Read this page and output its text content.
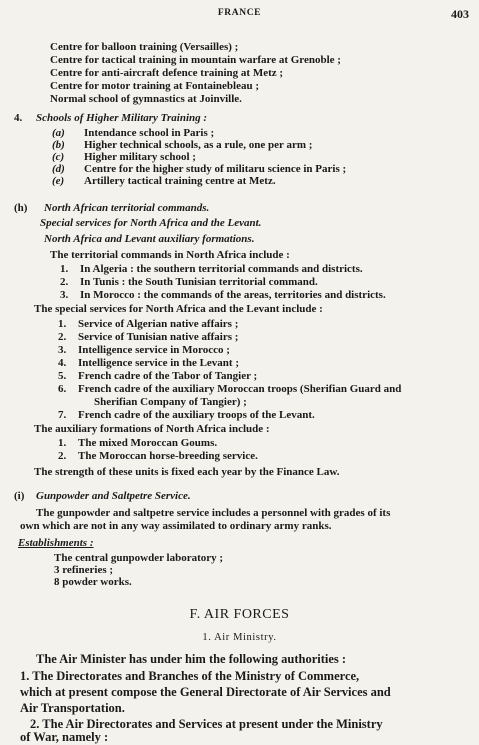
FRANCE	403
Centre for balloon training (Versailles) ;
Centre for tactical training in mountain warfare at Grenoble ;
Centre for anti-aircraft defence training at Metz ;
Centre for motor training at Fontainebleau ;
Normal school of gymnastics at Joinville.
4. Schools of Higher Military Training :
(a) Intendance school in Paris ;
(b) Higher technical schools, as a rule, one per arm ;
(c) Higher military school ;
(d) Centre for the higher study of militaru science in Paris ;
(e) Artillery tactical training centre at Metz.
(h) North African territorial commands.
Special services for North Africa and the Levant.
North Africa and Levant auxiliary formations.
The territorial commands in North Africa include :
1. In Algeria : the southern territorial commands and districts.
2. In Tunis : the South Tunisian territorial command.
3. In Morocco : the commands of the areas, territories and districts.
The special services for North Africa and the Levant include :
1. Service of Algerian native affairs ;
2. Service of Tunisian native affairs ;
3. Intelligence service in Morocco ;
4. Intelligence service in the Levant ;
5. French cadre of the Tabor of Tangier ;
6. French cadre of the auxiliary Moroccan troops (Sherifian Guard and
Sherifian Company of Tangier) ;
7. French cadre of the auxiliary troops of the Levant.
The auxiliary formations of North Africa include :
1. The mixed Moroccan Goums.
2. The Moroccan horse-breeding service.
The strength of these units is fixed each year by the Finance Law.
(i) Gunpowder and Saltpetre Service.
The gunpowder and saltpetre service includes a personnel with grades of its
own which are not in any way assimilated to ordinary army ranks.
Establishments :
The central gunpowder laboratory ;
3 refineries ;
8 powder works.
F. AIR FORCES
1. Air Ministry.
The Air Minister has under him the following authorities :
1. The Directorates and Branches of the Ministry of Commerce,
which at present compose the General Directorate of Air Services and
Air Transportation.
2. The Air Directorates and Services at present under the Ministry
of War, namely :
